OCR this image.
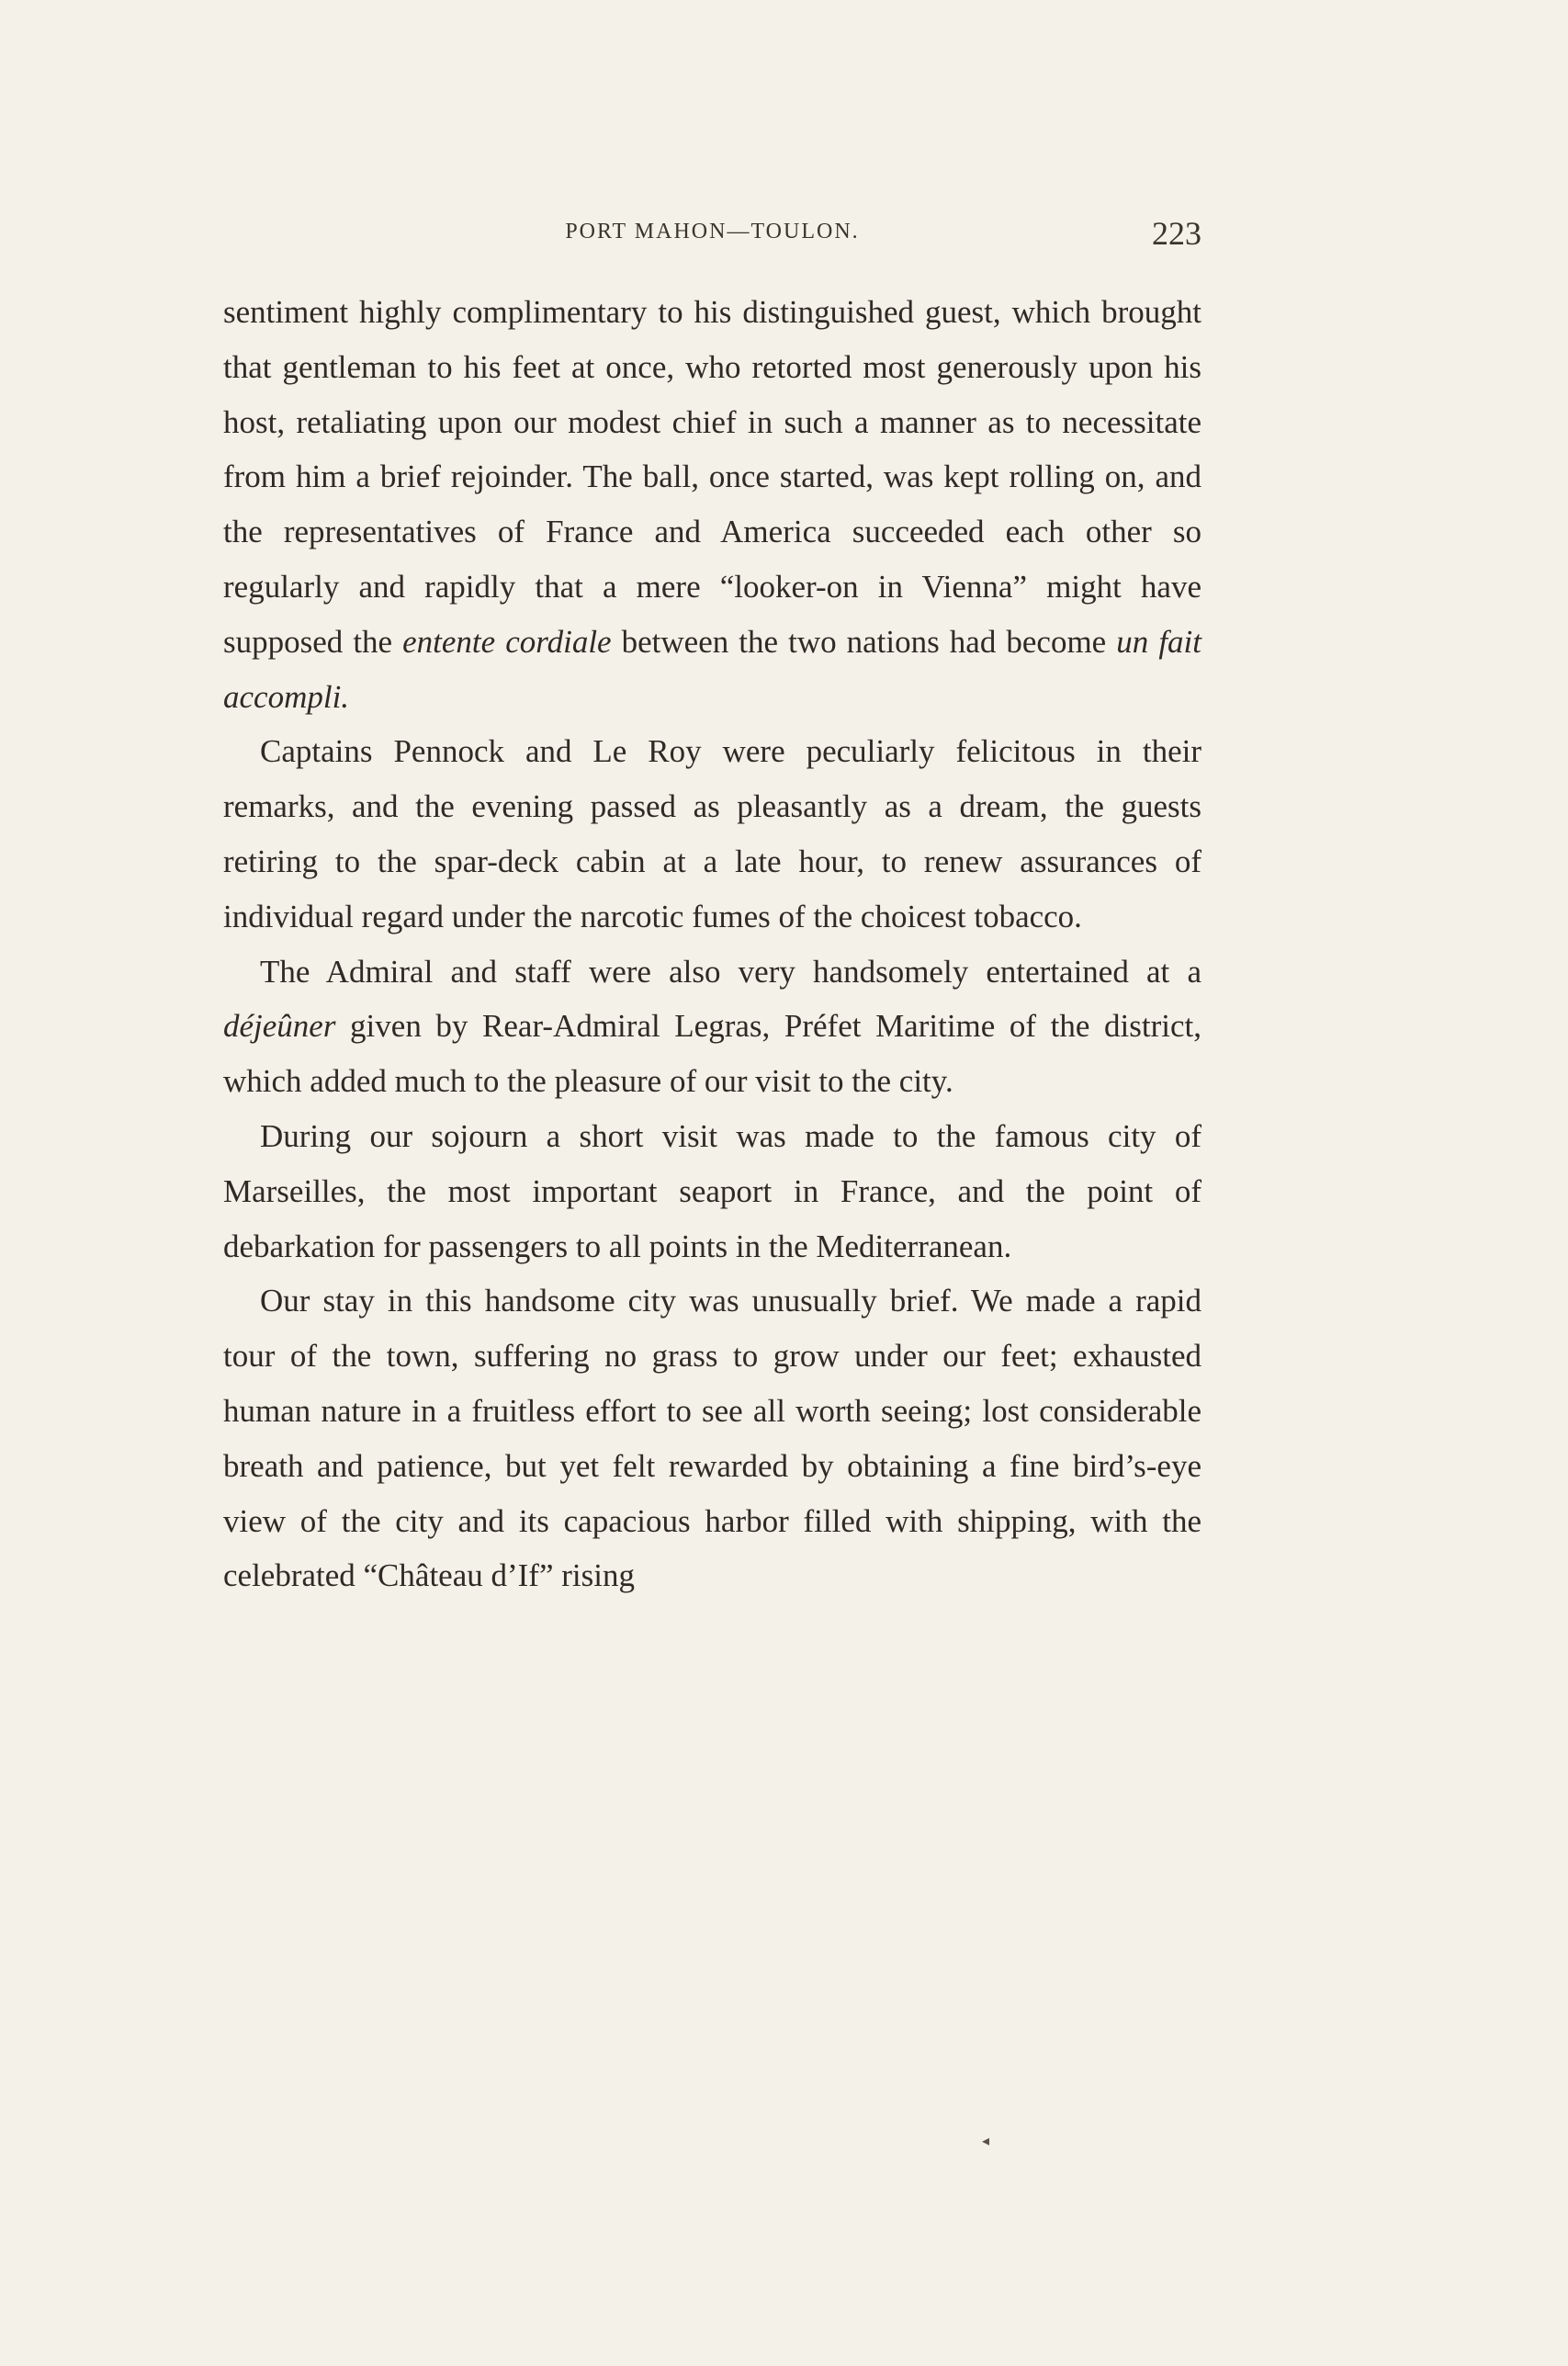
PORT MAHON—TOULON.	223

sentiment highly complimentary to his distinguished guest, which brought that gentleman to his feet at once, who retorted most generously upon his host, retaliating upon our modest chief in such a manner as to necessitate from him a brief rejoinder. The ball, once started, was kept rolling on, and the representatives of France and America succeeded each other so regularly and rapidly that a mere “looker-on in Vienna” might have supposed the entente cordiale between the two nations had become un fait accompli.

Captains Pennock and Le Roy were peculiarly felicitous in their remarks, and the evening passed as pleasantly as a dream, the guests retiring to the spar-deck cabin at a late hour, to renew assurances of individual regard under the narcotic fumes of the choicest tobacco.

The Admiral and staff were also very handsomely entertained at a déjeûner given by Rear-Admiral Legras, Préfet Maritime of the district, which added much to the pleasure of our visit to the city.

During our sojourn a short visit was made to the famous city of Marseilles, the most important seaport in France, and the point of debarkation for passengers to all points in the Mediterranean.

Our stay in this handsome city was unusually brief. We made a rapid tour of the town, suffering no grass to grow under our feet; exhausted human nature in a fruitless effort to see all worth seeing; lost considerable breath and patience, but yet felt rewarded by obtaining a fine bird’s-eye view of the city and its capacious harbor filled with shipping, with the celebrated “Château d’If” rising

◂
